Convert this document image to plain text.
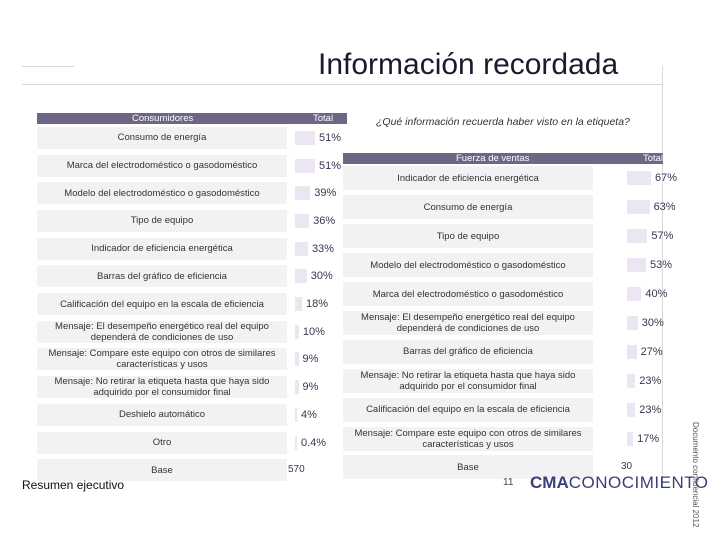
Información recordada
Consumidores	Total
Consumo de energía	51%
Marca del electrodoméstico o gasodoméstico	51%
Modelo del electrodoméstico o gasodoméstico	39%
Tipo de equipo	36%
Indicador de eficiencia energética	33%
Barras del gráfico de eficiencia	30%
Calificación del equipo en la escala de eficiencia	18%
Mensaje: El desempeño energético real del equipo dependerá de condiciones de uso	10%
Mensaje: Compare este equipo con otros de similares características y usos	9%
Mensaje: No retirar la etiqueta hasta que haya sido adquirido por el consumidor final	9%
Deshielo automático	4%
Otro	0.4%
Base	570
¿Qué información recuerda haber visto en la etiqueta?
Fuerza de ventas	Total
Indicador de eficiencia energética	67%
Consumo de energía	63%
Tipo de equipo	57%
Modelo del electrodoméstico o gasodoméstico	53%
Marca del electrodoméstico o gasodoméstico	40%
Mensaje: El desempeño energético real del equipo dependerá de condiciones de uso	30%
Barras del gráfico de eficiencia	27%
Mensaje: No retirar la etiqueta hasta que haya sido adquirido por el consumidor final	23%
Calificación del equipo en la escala de eficiencia	23%
Mensaje: Compare este equipo con otros de similares características y usos	17%
Base	30
Resumen ejecutivo	11 CMACONOCIMIENTO
Documento confidencial 2012
